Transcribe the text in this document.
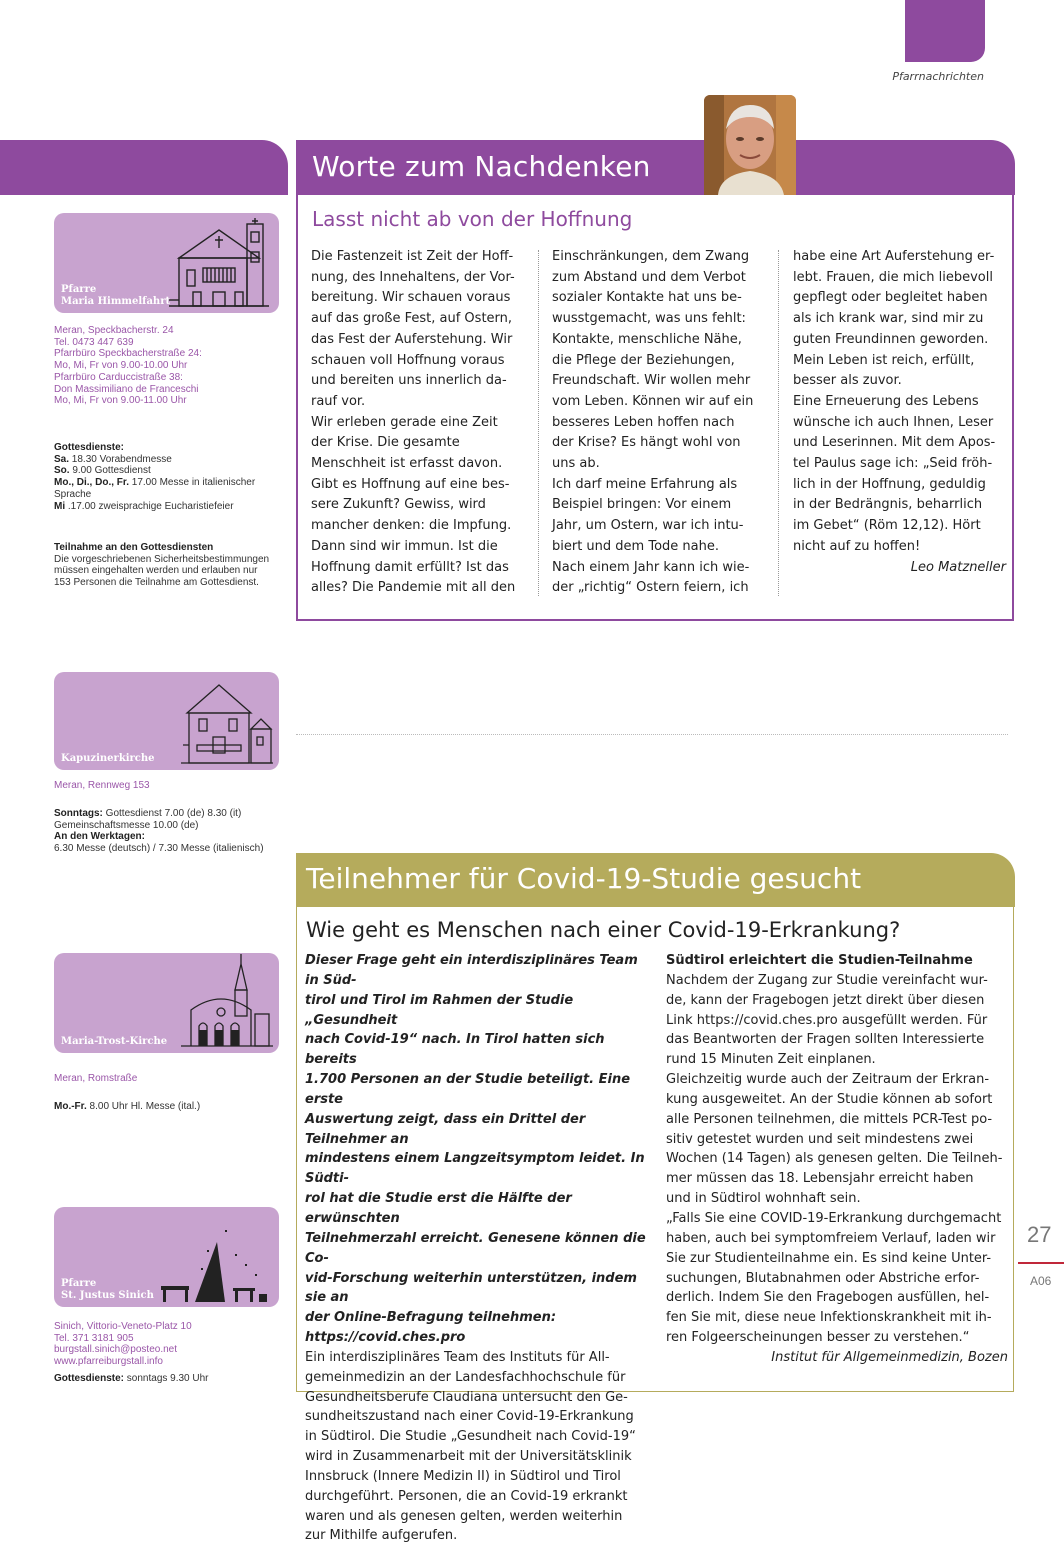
Pfarrnachrichten
Pfarre
Maria Himmelfahrt

Meran, Speckbacherstr. 24

Tel. 0473 447 639

Pfarrbüro Speckbacherstraße 24:

Mo, Mi, Fr von 9.00-10.00 Uhr

Pfarrbüro Carduccistraße 38:

Don Massimiliano de Franceschi

Mo, Mi, Fr von 9.00-11.00 Uhr

Gottesdienste:

Sa. 18.30 Vorabendmesse

So. 9.00 Gottesdienst

Mo., Di., Do., Fr. 17.00 Messe in italienischer Sprache

Mi .17.00 zweisprachige Eucharistiefeier

Teilnahme an den Gottesdiensten

Die vorgeschriebenen Sicherheitsbestimmungen müssen eingehalten werden und erlauben nur 153 Personen die Teilnahme am Gottesdienst.

Kapuzinerkirche
Meran, Rennweg 153

Sonntags: Gottesdienst 7.00 (de) 8.30 (it)

Gemeinschaftsmesse 10.00 (de)

An den Werktagen:

6.30 Messe (deutsch) / 7.30 Messe (italienisch)

Maria-Trost-Kirche
Meran, Romstraße

Mo.-Fr. 8.00 Uhr Hl. Messe (ital.)

Pfarre
St. Justus Sinich

Sinich, Vittorio-Veneto-Platz 10

Tel. 371 3181 905

burgstall.sinich@posteo.net

www.pfarreiburgstall.info

Gottesdienste: sonntags 9.30 Uhr

Worte zum Nachdenken
Lasst nicht ab von der Hoffnung

Die Fastenzeit ist Zeit der Hoff-

nung, des Innehaltens, der Vor-

bereitung. Wir schauen voraus

auf das große Fest, auf Ostern,

das Fest der Auferstehung. Wir

schauen voll Hoffnung voraus

und bereiten uns innerlich da-

rauf vor.

Wir erleben gerade eine Zeit

der Krise. Die gesamte

Menschheit ist erfasst davon.

Gibt es Hoffnung auf eine bes-

sere Zukunft? Gewiss, wird

mancher denken: die Impfung.

Dann sind wir immun. Ist die

Hoffnung damit erfüllt? Ist das

alles? Die Pandemie mit all den

Einschränkungen, dem Zwang

zum Abstand und dem Verbot

sozialer Kontakte hat uns be-

wusstgemacht, was uns fehlt:

Kontakte, menschliche Nähe,

die Pflege der Beziehungen,

Freundschaft. Wir wollen mehr

vom Leben. Können wir auf ein

besseres Leben hoffen nach

der Krise? Es hängt wohl von

uns ab.

Ich darf meine Erfahrung als

Beispiel bringen: Vor einem

Jahr, um Ostern, war ich intu-

biert und dem Tode nahe.

Nach einem Jahr kann ich wie-

der „richtig“ Ostern feiern, ich

habe eine Art Auferstehung er-

lebt. Frauen, die mich liebevoll

gepflegt oder begleitet haben

als ich krank war, sind mir zu

guten Freundinnen geworden.

Mein Leben ist reich, erfüllt,

besser als zuvor.

Eine Erneuerung des Lebens

wünsche ich auch Ihnen, Leser

und Leserinnen. Mit dem Apos-

tel Paulus sage ich: „Seid fröh-

lich in der Hoffnung, geduldig

in der Bedrängnis, beharrlich

im Gebet“ (Röm 12,12). Hört

nicht auf zu hoffen!

Leo Matzneller

Teilnehmer für Covid-19-Studie gesucht
Wie geht es Menschen nach einer Covid-19-Erkrankung?

Dieser Frage geht ein interdisziplinäres Team in Süd-

tirol und Tirol im Rahmen der Studie „Gesundheit

nach Covid-19“ nach. In Tirol hatten sich bereits

1.700 Personen an der Studie beteiligt. Eine erste

Auswertung zeigt, dass ein Drittel der Teilnehmer an

mindestens einem Langzeitsymptom leidet. In Südti-

rol hat die Studie erst die Hälfte der erwünschten

Teilnehmerzahl erreicht. Genesene können die Co-

vid-Forschung weiterhin unterstützen, indem sie an

der Online-Befragung teilnehmen:

https://covid.ches.pro

Ein interdisziplinäres Team des Instituts für All-

gemeinmedizin an der Landesfachhochschule für

Gesundheitsberufe Claudiana untersucht den Ge-

sundheitszustand nach einer Covid-19-Erkrankung

in Südtirol. Die Studie „Gesundheit nach Covid-19“

wird in Zusammenarbeit mit der Universitätsklinik

Innsbruck (Innere Medizin II) in Südtirol und Tirol

durchgeführt. Personen, die an Covid-19 erkrankt

waren und als genesen gelten, werden weiterhin

zur Mithilfe aufgerufen.

Südtirol erleichtert die Studien-Teilnahme

Nachdem der Zugang zur Studie vereinfacht wur-

de, kann der Fragebogen jetzt direkt über diesen

Link https://covid.ches.pro ausgefüllt werden. Für

das Beantworten der Fragen sollten Interessierte

rund 15 Minuten Zeit einplanen.

Gleichzeitig wurde auch der Zeitraum der Erkran-

kung ausgeweitet. An der Studie können ab sofort

alle Personen teilnehmen, die mittels PCR-Test po-

sitiv getestet wurden und seit mindestens zwei

Wochen (14 Tagen) als genesen gelten. Die Teilneh-

mer müssen das 18. Lebensjahr erreicht haben

und in Südtirol wohnhaft sein.

„Falls Sie eine COVID-19-Erkrankung durchgemacht

haben, auch bei symptomfreiem Verlauf, laden wir

Sie zur Studienteilnahme ein. Es sind keine Unter-

suchungen, Blutabnahmen oder Abstriche erfor-

derlich. Indem Sie den Fragebogen ausfüllen, hel-

fen Sie mit, diese neue Infektionskrankheit mit ih-

ren Folgeerscheinungen besser zu verstehen.“

Institut für Allgemeinmedizin, Bozen

27
A06
